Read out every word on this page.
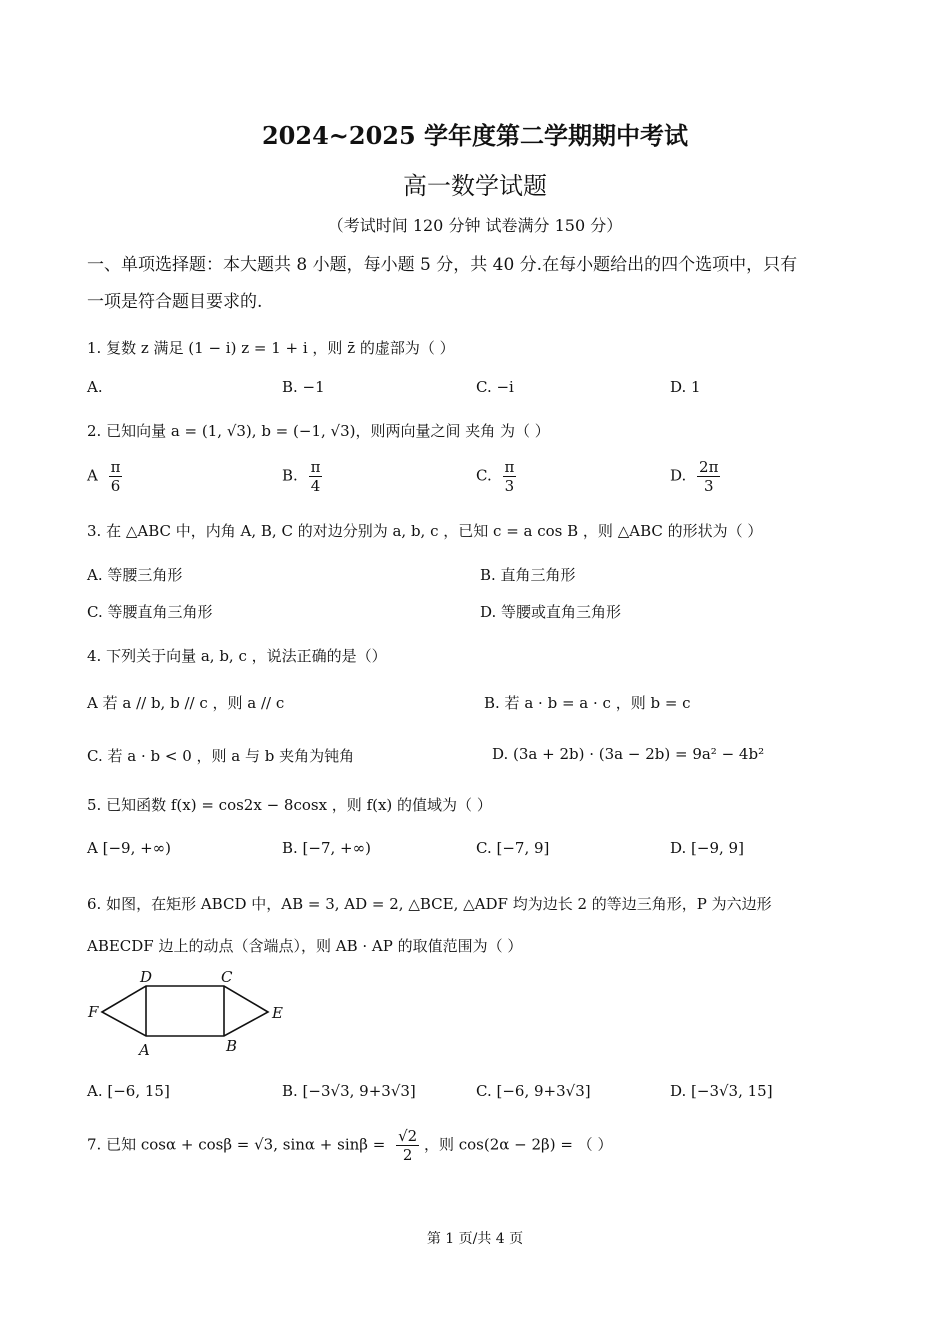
2024~2025 学年度第二学期期中考试
高一数学试题
（考试时间 120 分钟 试卷满分 150 分）
一、单项选择题：本大题共 8 小题，每小题 5 分，共 40 分.在每小题给出的四个选项中，只有
一项是符合题目要求的.
1. 复数 z 满足 (1 − i) z = 1 + i ，则 z̄ 的虚部为（ ）
A.	B. −1	C. −i	D. 1
2. 已知向量 a = (1, √3), b = (−1, √3)，则两向量之间 夹角 为（ ）
A $\frac{\pi}{6}$	B. $\frac{\pi}{4}$	C. $\frac{\pi}{3}$	D. $\frac{2\pi}{3}$
3. 在 △ABC 中，内角 A, B, C 的对边分别为 a, b, c ，已知 c = a cos B ，则 △ABC 的形状为（ ）
A. 等腰三角形	B. 直角三角形
C. 等腰直角三角形	D. 等腰或直角三角形
4. 下列关于向量 a, b, c ，说法正确的是（）
A 若 a // b, b // c ，则 a // c	B. 若 a · b = a · c ，则 b = c
C. 若 a · b < 0 ，则 a 与 b 夹角为钝角	D. (3a + 2b) · (3a − 2b) = 9a² − 4b²
5. 已知函数 f(x) = cos2x − 8cosx ，则 f(x) 的值域为（ ）
A [−9, +∞)	B. [−7, +∞)	C. [−7, 9]	D. [−9, 9]
6. 如图，在矩形 ABCD 中，AB = 3, AD = 2, △BCE, △ADF 均为边长 2 的等边三角形，P 为六边形
ABECDF 边上的动点（含端点），则 AB · AP 的取值范围为（ ）
D	C
F	E
A	B
A. [−6, 15]	B. [−3√3, 9+3√3]	C. [−6, 9+3√3]	D. [−3√3, 15]
7. 已知 cosα + cosβ = √3, $\sin\alpha + \sin\beta = \frac{√2}{2}$ ，则 cos(2α − 2β) = （ ）
第 1 页/共 4 页
